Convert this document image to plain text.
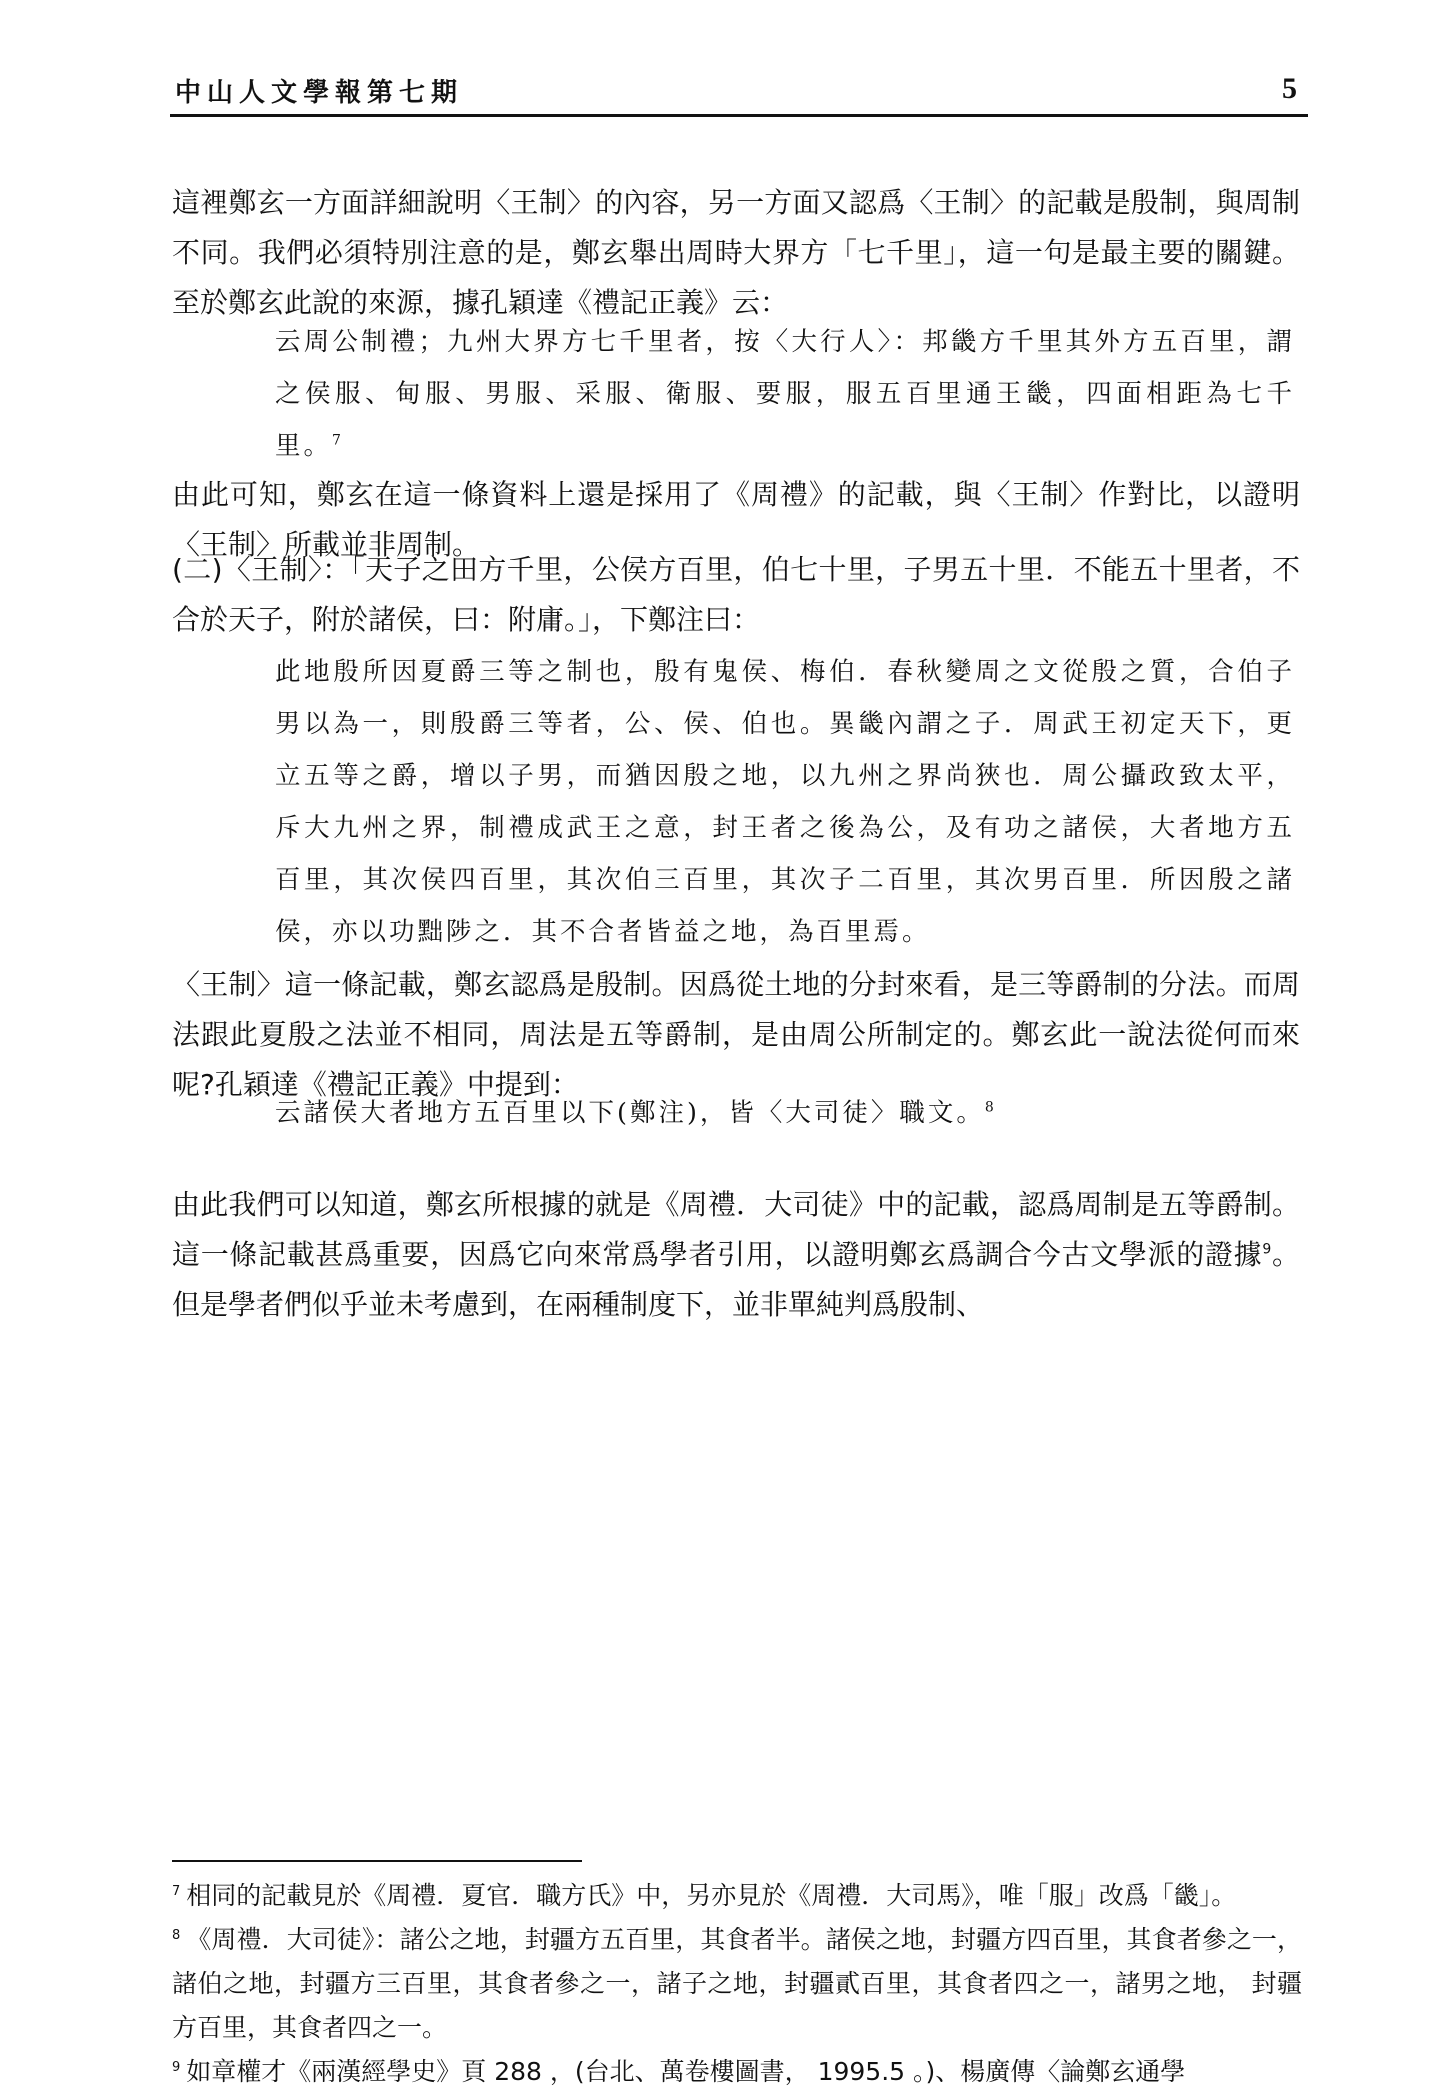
中山人文學報第七期	5
這裡鄭玄一方面詳細說明〈王制〉的內容，另一方面又認爲〈王制〉的記載是殷制，與周制不同。我們必須特別注意的是，鄭玄舉出周時大界方「七千里」，這一句是最主要的關鍵。至於鄭玄此說的來源，據孔穎達《禮記正義》云：
云周公制禮；九州大界方七千里者，按〈大行人〉：邦畿方千里其外方五百里，謂之侯服、甸服、男服、采服、衛服、要服，服五百里通王畿，四面相距為七千里。$^7$
由此可知，鄭玄在這一條資料上還是採用了《周禮》的記載，與〈王制〉作對比，以證明〈王制〉所載並非周制。
(二)〈王制〉：「天子之田方千里，公侯方百里，伯七十里，子男五十里．不能五十里者，不合於天子，附於諸侯，曰：附庸。」，下鄭注曰：
此地殷所因夏爵三等之制也，殷有鬼侯、梅伯．春秋變周之文從殷之質，合伯子男以為一，則殷爵三等者，公、侯、伯也。異畿內謂之子．周武王初定天下，更立五等之爵，增以子男，而猶因殷之地，以九州之界尚狹也．周公攝政致太平，斥大九州之界，制禮成武王之意，封王者之後為公，及有功之諸侯，大者地方五百里，其次侯四百里，其次伯三百里，其次子二百里，其次男百里．所因殷之諸侯，亦以功黜陟之．其不合者皆益之地，為百里焉。
〈王制〉這一條記載，鄭玄認爲是殷制。因爲從土地的分封來看，是三等爵制的分法。而周法跟此夏殷之法並不相同，周法是五等爵制，是由周公所制定的。鄭玄此一說法從何而來呢?孔穎達《禮記正義》中提到：
云諸侯大者地方五百里以下(鄭注)，皆〈大司徒〉職文。$^8$
由此我們可以知道，鄭玄所根據的就是《周禮．大司徒》中的記載，認爲周制是五等爵制。這一條記載甚爲重要，因爲它向來常爲學者引用，以證明鄭玄爲調合今古文學派的證據$^9$。但是學者們似乎並未考慮到，在兩種制度下，並非單純判爲殷制、

$^7$ 相同的記載見於《周禮．夏官．職方氏》中，另亦見於《周禮．大司馬》，唯「服」改爲「畿」。

$^8$ 《周禮．大司徒》：諸公之地，封疆方五百里，其食者半。諸侯之地，封疆方四百里，其食者參之一，諸伯之地，封疆方三百里，其食者參之一，諸子之地，封疆貳百里，其食者四之一，諸男之地， 封疆方百里，其食者四之一。

$^9$ 如章權才《兩漢經學史》頁 288 ，(台北、萬卷樓圖書， 1995.5 。)、楊廣傳〈論鄭玄通學
